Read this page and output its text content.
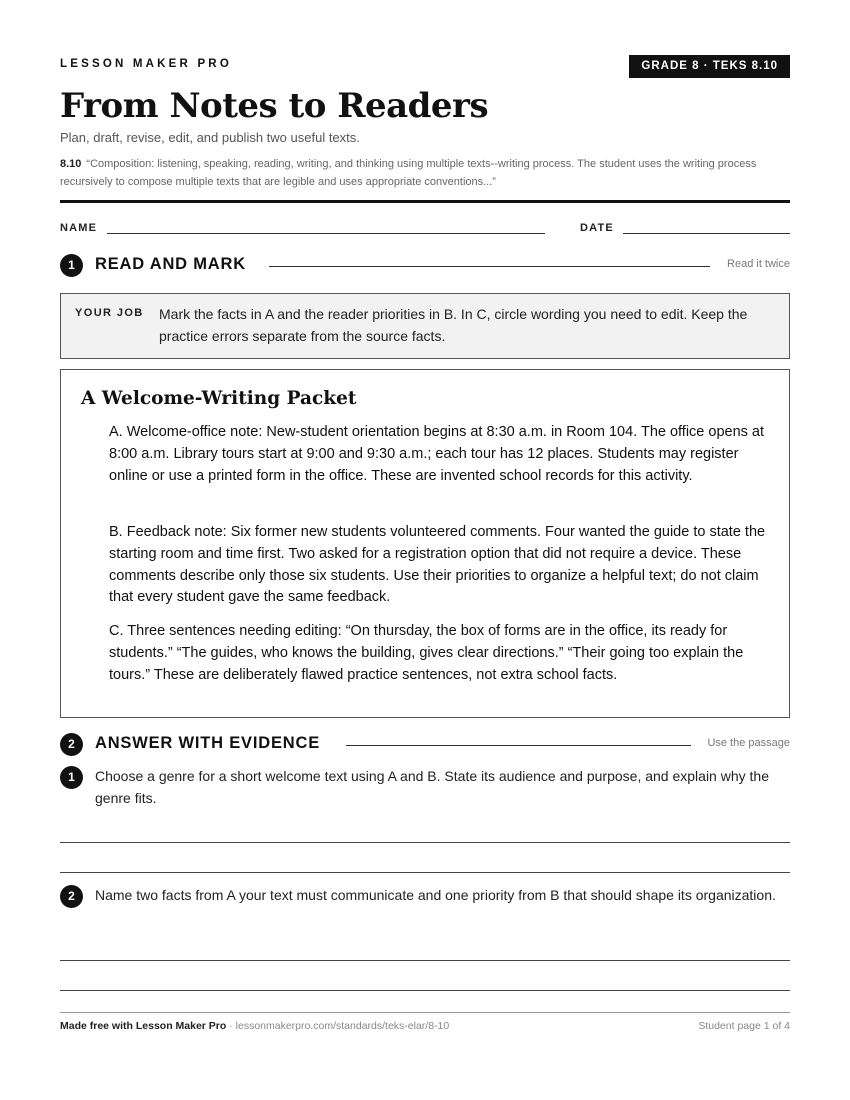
LESSON MAKER PRO	GRADE 8 · TEKS 8.10
From Notes to Readers
Plan, draft, revise, edit, and publish two useful texts.
8.10 “Composition: listening, speaking, reading, writing, and thinking using multiple texts--writing process. The student uses the writing process recursively to compose multiple texts that are legible and uses appropriate conventions...”
NAME	DATE
1	READ AND MARK	Read it twice
YOUR JOB Mark the facts in A and the reader priorities in B. In C, circle wording you need to edit. Keep the practice errors separate from the source facts.
A Welcome-Writing Packet

A. Welcome-office note: New-student orientation begins at 8:30 a.m. in Room 104. The office opens at 8:00 a.m. Library tours start at 9:00 and 9:30 a.m.; each tour has 12 places. Students may register online or use a printed form in the office. These are invented school records for this activity.

B. Feedback note: Six former new students volunteered comments. Four wanted the guide to state the starting room and time first. Two asked for a registration option that did not require a device. These comments describe only those six students. Use their priorities to organize a helpful text; do not claim that every student gave the same feedback.

C. Three sentences needing editing: “On thursday, the box of forms are in the office, its ready for students.” “The guides, who knows the building, gives clear directions.” “Their going too explain the tours.” These are deliberately flawed practice sentences, not extra school facts.

2	ANSWER WITH EVIDENCE	Use the passage
1	Choose a genre for a short welcome text using A and B. State its audience and purpose, and explain why the genre fits.
2	Name two facts from A your text must communicate and one priority from B that should shape its organization.
Made free with Lesson Maker Pro · lessonmakerpro.com/standards/teks-elar/8-10	Student page 1 of 4
